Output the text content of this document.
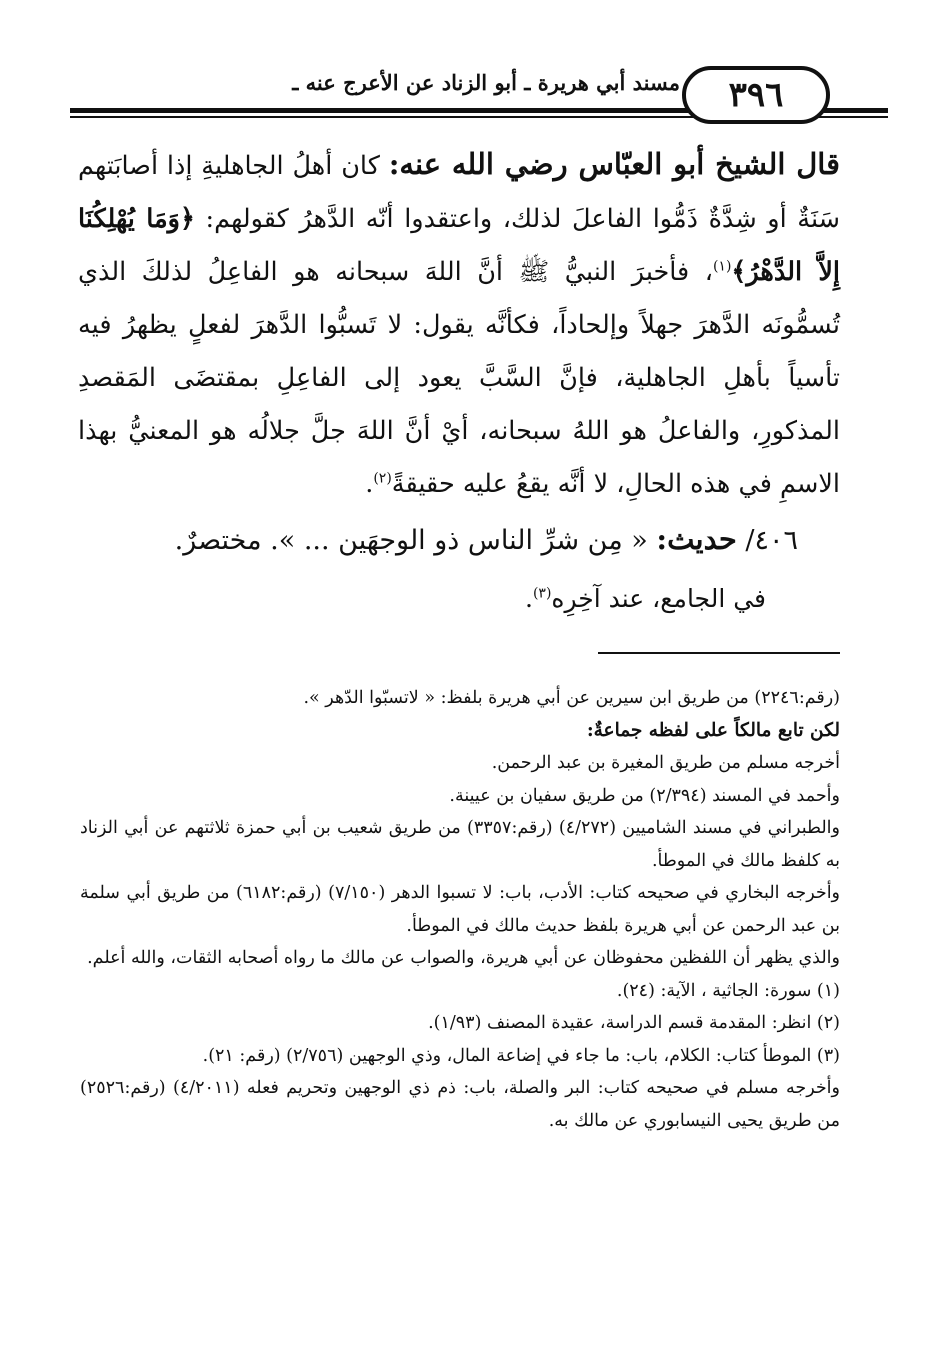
مسند أبي هريرة ـ أبو الزناد عن الأعرج عنه ـ	٣٩٦

قال الشيخ أبو العبّاس رضي الله عنه: كان أهلُ الجاهليةِ إذا أصابَتهم سَنَةٌ أو شِدَّةٌ ذَمُّوا الفاعلَ لذلك، واعتقدوا أنّه الدَّهرُ كقولهم: ﴿وَمَا يُهْلِكُنَا إِلاَّ الدَّهْرُ﴾$^{(١)}$، فأخبرَ النبيُّ ﷺ أنَّ اللهَ سبحانه هو الفاعِلُ لذلكَ الذي تُسمُّونَه الدَّهرَ جهلاً وإلحاداً، فكأنَّه يقول: لا تَسبُّوا الدَّهرَ لفعلٍ يظهرُ فيه تأسياً بأهلِ الجاهلية، فإنَّ السَّبَّ يعود إلى الفاعِلِ بمقتضَى المَقصدِ المذكورِ، والفاعلُ هو اللهُ سبحانه، أيْ أنَّ اللهَ جلَّ جلالُه هو المعنيُّ بهذا الاسمِ في هذه الحالِ، لا أنَّه يقعُ عليه حقيقةً$^{(٢)}$.

٤٠٦/ حديث: « مِن شرِّ الناس ذو الوجهَين ... ». مختصرٌ.
في الجامع، عند آخِرِه$^{(٣)}$.

(رقم:٢٢٤٦) من طريق ابن سيرين عن أبي هريرة بلفظ: « لاتسبّوا الدّهر ».

لكن تابع مالكاً على لفظه جماعةٌ:

أخرجه مسلم من طريق المغيرة بن عبد الرحمن.

وأحمد في المسند (٢/٣٩٤) من طريق سفيان بن عيينة.

والطبراني في مسند الشاميين (٤/٢٧٢) (رقم:٣٣٥٧) من طريق شعيب بن أبي حمزة ثلاثتهم عن أبي الزناد به كلفظ مالك في الموطأ.

وأخرجه البخاري في صحيحه كتاب: الأدب، باب: لا تسبوا الدهر (٧/١٥٠) (رقم:٦١٨٢) من طريق أبي سلمة بن عبد الرحمن عن أبي هريرة بلفظ حديث مالك في الموطأ.

والذي يظهر أن اللفظين محفوظان عن أبي هريرة، والصواب عن مالك ما رواه أصحابه الثقات، والله أعلم.

(١) سورة: الجاثية ، الآية: (٢٤).

(٢) انظر: المقدمة قسم الدراسة، عقيدة المصنف (١/٩٣).

(٣) الموطأ كتاب: الكلام، باب: ما جاء في إضاعة المال، وذي الوجهين (٢/٧٥٦) (رقم: ٢١).

وأخرجه مسلم في صحيحه كتاب: البر والصلة، باب: ذم ذي الوجهين وتحريم فعله (٤/٢٠١١) (رقم:٢٥٢٦) من طريق يحيى النيسابوري عن مالك به.
